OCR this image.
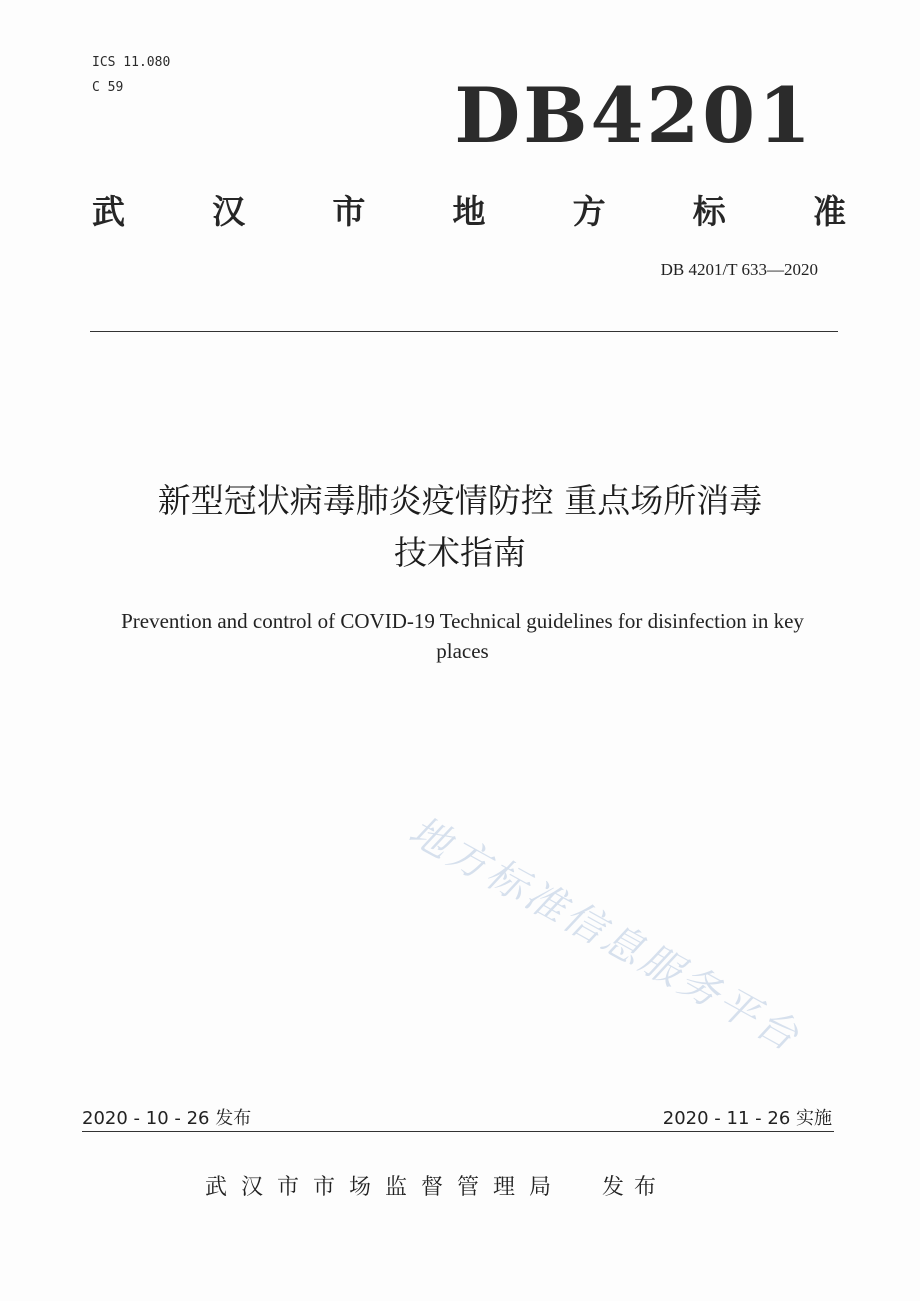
ICS 11.080
C 59	DB4201
武	汉	市	地	方	标	准
DB 4201/T 633—2020
新型冠状病毒肺炎疫情防控 重点场所消毒
技术指南
Prevention and control of COVID-19 Technical guidelines for disinfection in key
places
地方标准信息服务平台
2020 - 10 - 26 发布	2020 - 11 - 26 实施
武汉市市场监督管理局 发布
